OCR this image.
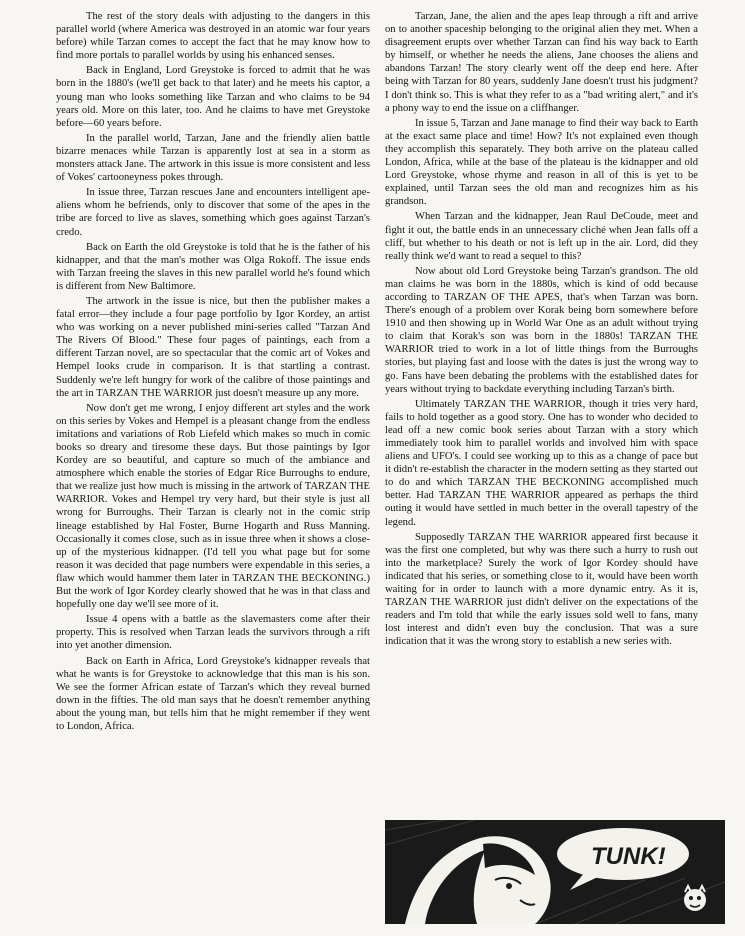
The rest of the story deals with adjusting to the dangers in this parallel world (where America was destroyed in an atomic war four years before) while Tarzan comes to accept the fact that he may know how to find more portals to parallel worlds by using his enhanced senses.

Back in England, Lord Greystoke is forced to admit that he was born in the 1880's (we'll get back to that later) and he meets his captor, a young man who looks something like Tarzan and who claims to be 94 years old. More on this later, too. And he claims to have met Greystoke before—60 years before.

In the parallel world, Tarzan, Jane and the friendly alien battle bizarre menaces while Tarzan is apparently lost at sea in a storm as monsters attack Jane. The artwork in this issue is more consistent and less of Vokes' cartooneyness pokes through.

In issue three, Tarzan rescues Jane and encounters intelligent ape-aliens whom he befriends, only to discover that some of the apes in the tribe are forced to live as slaves, something which goes against Tarzan's credo.

Back on Earth the old Greystoke is told that he is the father of his kidnapper, and that the man's mother was Olga Rokoff. The issue ends with Tarzan freeing the slaves in this new parallel world he's found which is different from New Baltimore.

The artwork in the issue is nice, but then the publisher makes a fatal error—they include a four page portfolio by Igor Kordey, an artist who was working on a never published mini-series called "Tarzan And The Rivers Of Blood." These four pages of paintings, each from a different Tarzan novel, are so spectacular that the comic art of Vokes and Hempel looks crude in comparison. It is that startling a contrast. Suddenly we're left hungry for work of the calibre of those paintings and the art in TARZAN THE WARRIOR just doesn't measure up any more.

Now don't get me wrong, I enjoy different art styles and the work on this series by Vokes and Hempel is a pleasant change from the endless imitations and variations of Rob Liefeld which makes so much in comic books so dreary and tiresome these days. But those paintings by Igor Kordey are so beautiful, and capture so much of the ambiance and atmosphere which enable the stories of Edgar Rice Burroughs to endure, that we realize just how much is missing in the artwork of TARZAN THE WARRIOR. Vokes and Hempel try very hard, but their style is just all wrong for Burroughs. Their Tarzan is clearly not in the comic strip lineage established by Hal Foster, Burne Hogarth and Russ Manning. Occasionally it comes close, such as in issue three when it shows a close-up of the mysterious kidnapper. (I'd tell you what page but for some reason it was decided that page numbers were expendable in this series, a flaw which would hammer them later in TARZAN THE BECKONING.) But the work of Igor Kordey clearly showed that he was in that class and hopefully one day we'll see more of it.

Issue 4 opens with a battle as the slavemasters come after their property. This is resolved when Tarzan leads the survivors through a rift into yet another dimension.

Back on Earth in Africa, Lord Greystoke's kidnapper reveals that what he wants is for Greystoke to acknowledge that this man is his son. We see the former African estate of Tarzan's which they reveal burned down in the fifties. The old man says that he doesn't remember anything about the young man, but tells him that he might remember if they went to London, Africa.

Tarzan, Jane, the alien and the apes leap through a rift and arrive on to another spaceship belonging to the original alien they met. When a disagreement erupts over whether Tarzan can find his way back to Earth by himself, or whether he needs the aliens, Jane chooses the aliens and abandons Tarzan! The story clearly went off the deep end here. After being with Tarzan for 80 years, suddenly Jane doesn't trust his judgment? I don't think so. This is what they refer to as a "bad writing alert," and it's a phony way to end the issue on a cliffhanger.

In issue 5, Tarzan and Jane manage to find their way back to Earth at the exact same place and time! How? It's not explained even though they accomplish this separately. They both arrive on the plateau called London, Africa, while at the base of the plateau is the kidnapper and old Lord Greystoke, whose rhyme and reason in all of this is yet to be explained, until Tarzan sees the old man and recognizes him as his grandson.

When Tarzan and the kidnapper, Jean Raul DeCoude, meet and fight it out, the battle ends in an unnecessary cliché when Jean falls off a cliff, but whether to his death or not is left up in the air. Lord, did they really think we'd want to read a sequel to this?

Now about old Lord Greystoke being Tarzan's grandson. The old man claims he was born in the 1880s, which is kind of odd because according to TARZAN OF THE APES, that's when Tarzan was born. There's enough of a problem over Korak being born somewhere before 1910 and then showing up in World War One as an adult without trying to claim that Korak's son was born in the 1880s! TARZAN THE WARRIOR tried to work in a lot of little things from the Burroughs stories, but playing fast and loose with the dates is just the wrong way to go. Fans have been debating the problems with the established dates for years without trying to backdate everything including Tarzan's birth.

Ultimately TARZAN THE WARRIOR, though it tries very hard, fails to hold together as a good story. One has to wonder who decided to lead off a new comic book series about Tarzan with a story which immediately took him to parallel worlds and involved him with space aliens and UFO's. I could see working up to this as a change of pace but it didn't re-establish the character in the modern setting as they started out to do and which TARZAN THE BECKONING accomplished much better. Had TARZAN THE WARRIOR appeared as perhaps the third outing it would have settled in much better in the overall tapestry of the legend.

Supposedly TARZAN THE WARRIOR appeared first because it was the first one completed, but why was there such a hurry to rush out into the marketplace? Surely the work of Igor Kordey should have indicated that his series, or something close to it, would have been worth waiting for in order to launch with a more dynamic entry. As it is, TARZAN THE WARRIOR just didn't deliver on the expectations of the readers and I'm told that while the early issues sold well to fans, many lost interest and didn't even buy the conclusion. That was a sure indication that it was the wrong story to establish a new series with.

TUNK!
